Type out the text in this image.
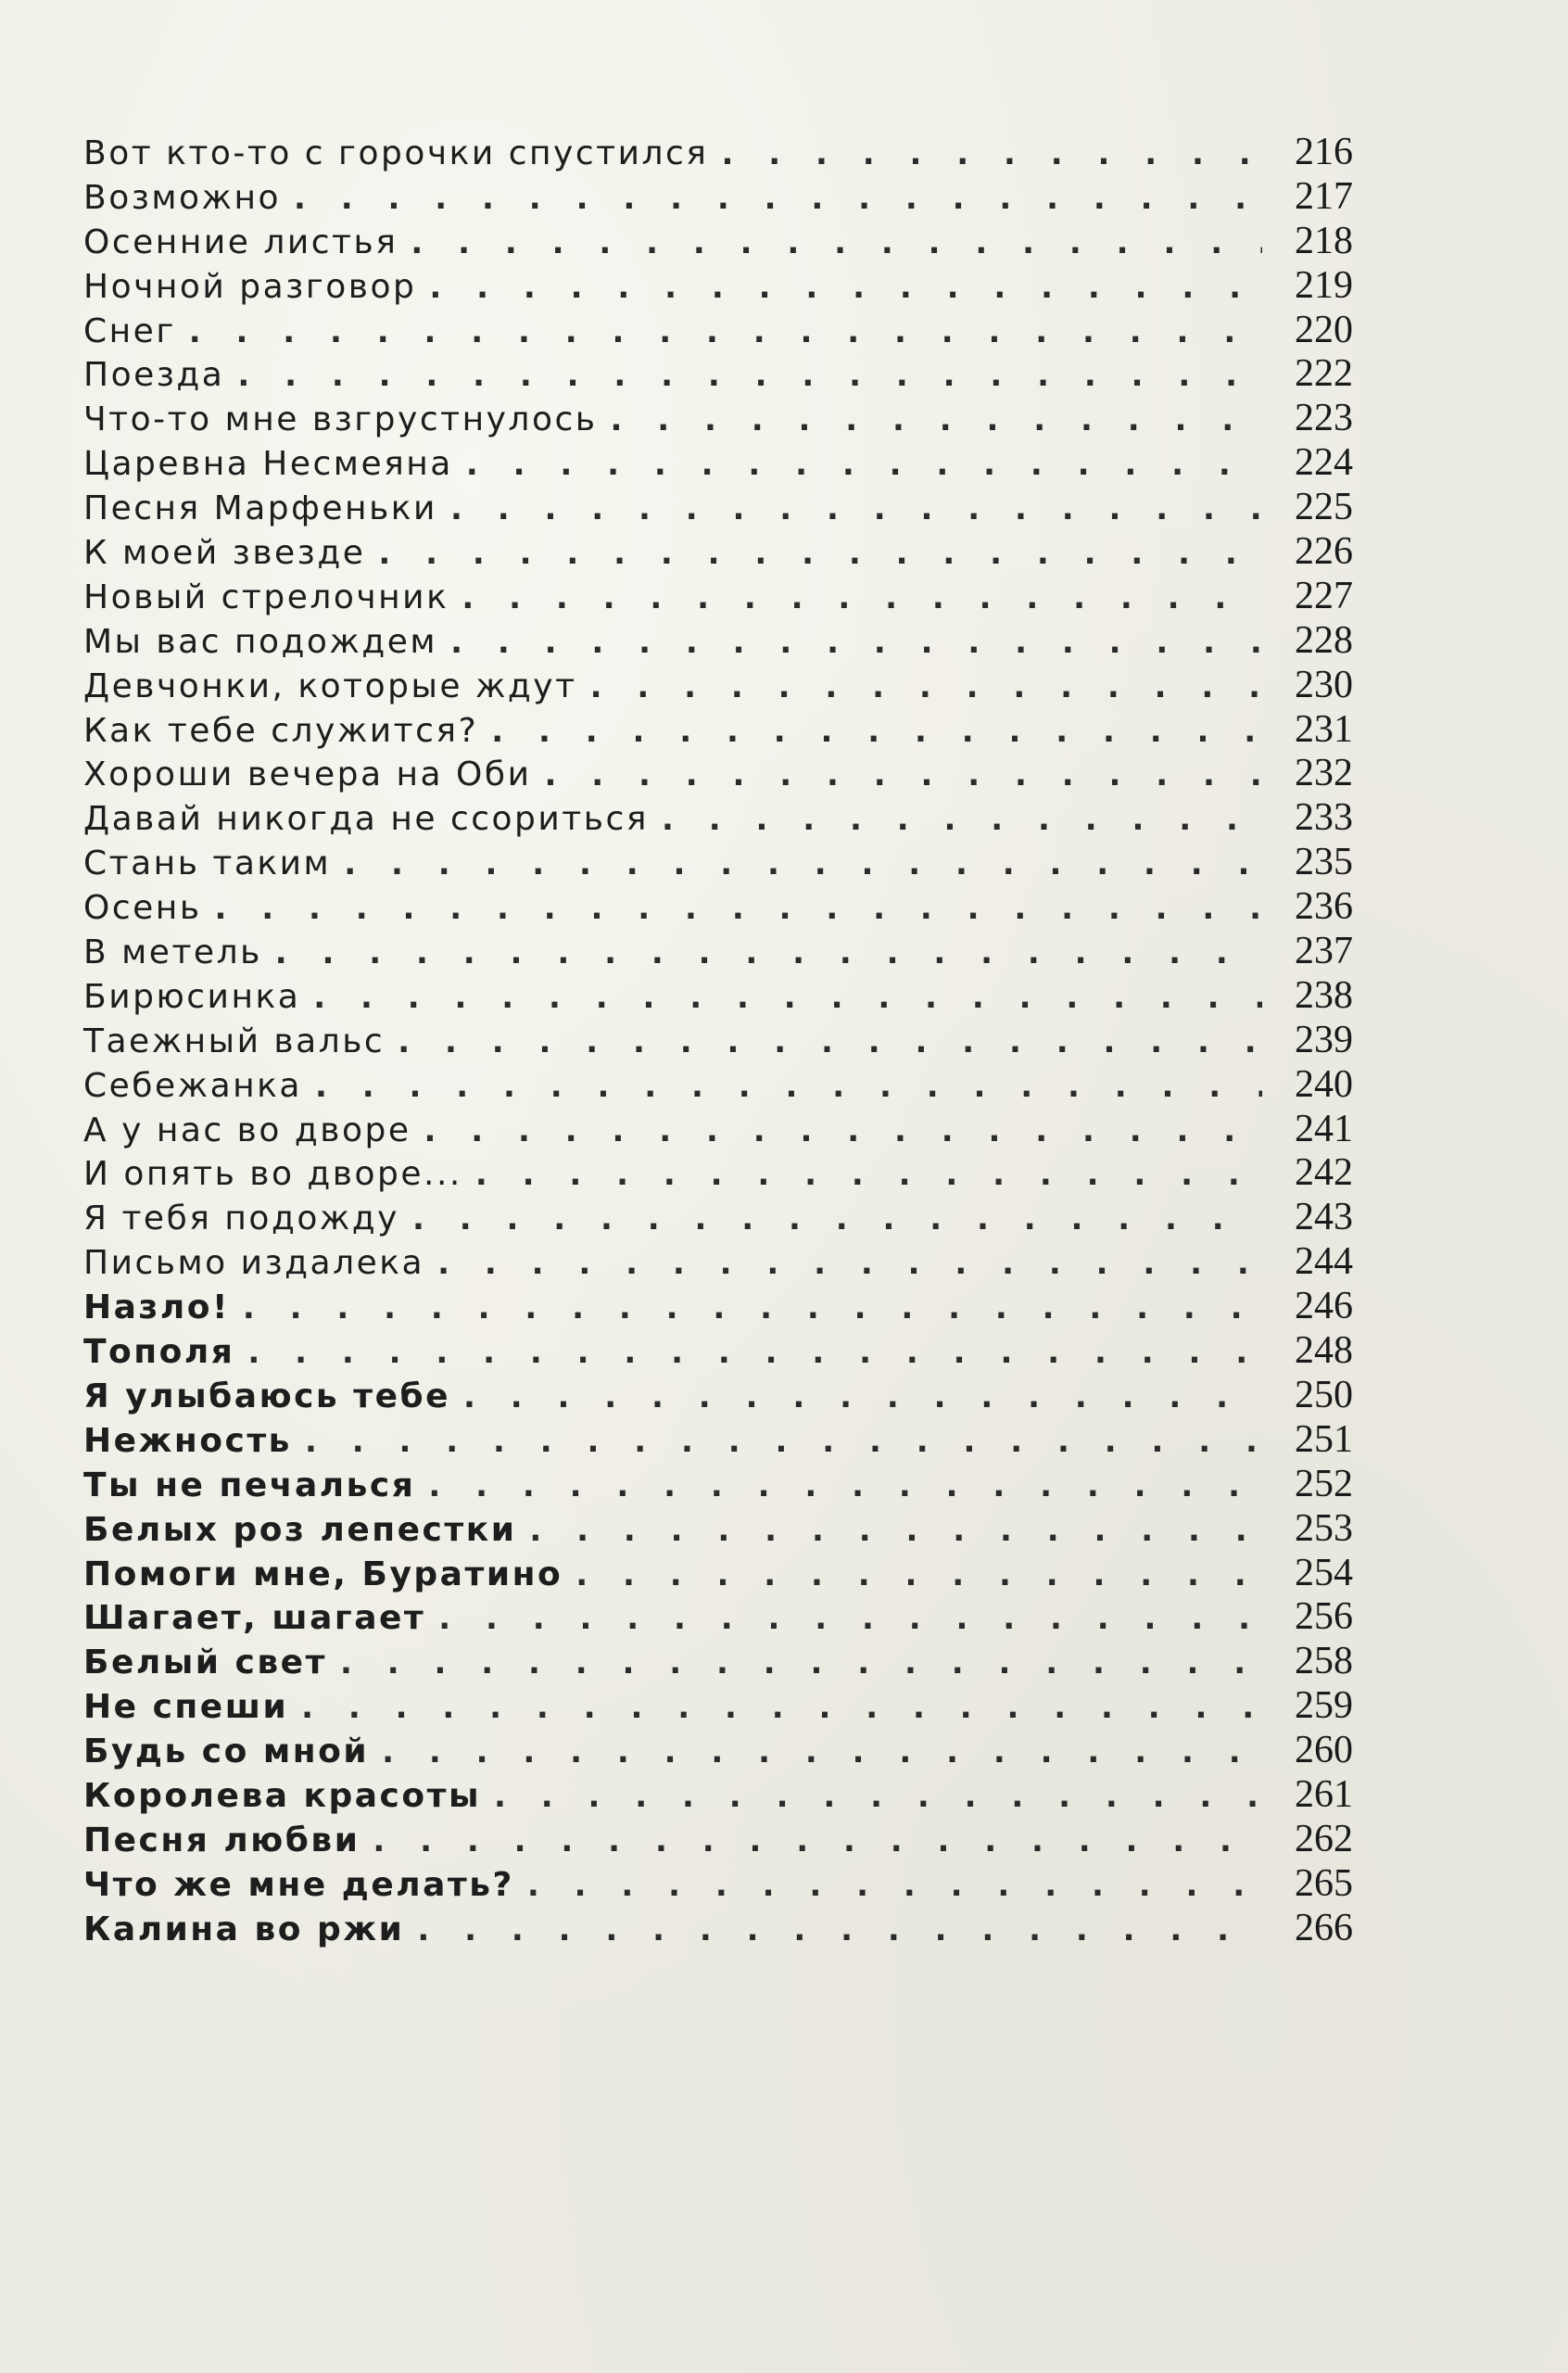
Вот кто-то с горочки спустился . . .	216
Возможно . . .	217
Осенние листья . . .	218
Ночной разговор . . .	219
Снег . . .	220
Поезда . . .	222
Что-то мне взгрустнулось . . .	223
Царевна Несмеяна . . .	224
Песня Марфеньки . . .	225
К моей звезде . . .	226
Новый стрелочник . . .	227
Мы вас подождем . . .	228
Девчонки, которые ждут . . .	230
Как тебе служится? . . .	231
Хороши вечера на Оби . . .	232
Давай никогда не ссориться . . .	233
Стань таким . . .	235
Осень . . .	236
В метель . . .	237
Бирюсинка . . .	238
Таежный вальс . . .	239
Себежанка . . .	240
А у нас во дворе . . .	241
И опять во дворе... . . .	242
Я тебя подожду . . .	243
Письмо издалека . . .	244
Назло! . . .	246
Тополя . . .	248
Я улыбаюсь тебе . . .	250
Нежность . . .	251
Ты не печалься . . .	252
Белых роз лепестки . . .	253
Помоги мне, Буратино . . .	254
Шагает, шагает . . .	256
Белый свет . . .	258
Не спеши . . .	259
Будь со мной . . .	260
Королева красоты . . .	261
Песня любви . . .	262
Что же мне делать? . . .	265
Калина во ржи . . .	266
